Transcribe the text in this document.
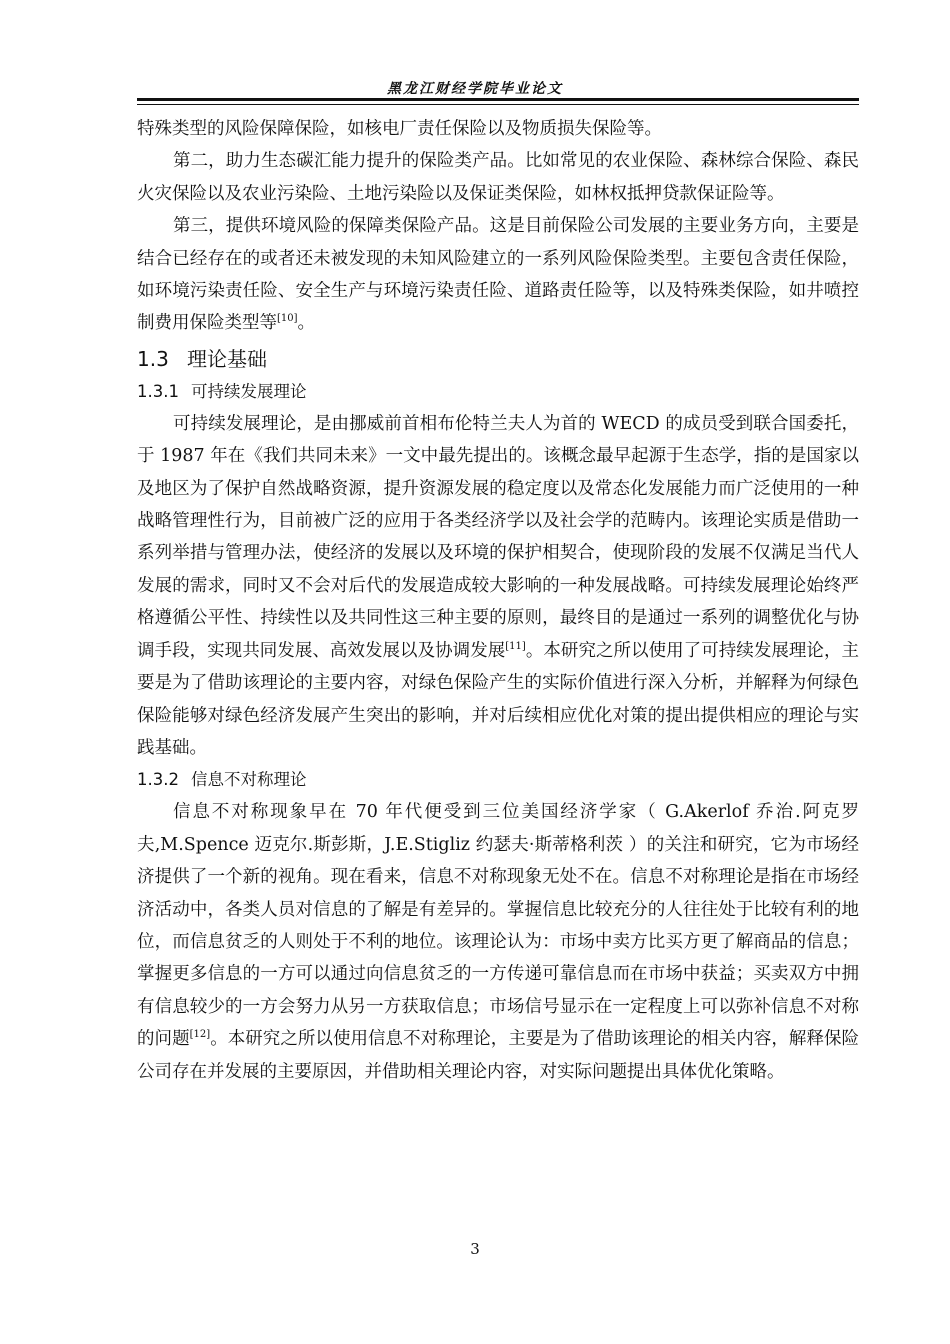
黑龙江财经学院毕业论文

特殊类型的风险保障保险，如核电厂责任保险以及物质损失保险等。

第二，助力生态碳汇能力提升的保险类产品。比如常见的农业保险、森林综合保险、森民火灾保险以及农业污染险、土地污染险以及保证类保险，如林权抵押贷款保证险等。

第三，提供环境风险的保障类保险产品。这是目前保险公司发展的主要业务方向，主要是结合已经存在的或者还未被发现的未知风险建立的一系列风险保险类型。主要包含责任保险，如环境污染责任险、安全生产与环境污染责任险、道路责任险等，以及特殊类保险，如井喷控制费用保险类型等[10]。

1.3 理论基础
1.3.1 可持续发展理论

可持续发展理论，是由挪威前首相布伦特兰夫人为首的 WECD 的成员受到联合国委托，于 1987 年在《我们共同未来》一文中最先提出的。该概念最早起源于生态学，指的是国家以及地区为了保护自然战略资源，提升资源发展的稳定度以及常态化发展能力而广泛使用的一种战略管理性行为，目前被广泛的应用于各类经济学以及社会学的范畴内。该理论实质是借助一系列举措与管理办法，使经济的发展以及环境的保护相契合，使现阶段的发展不仅满足当代人发展的需求，同时又不会对后代的发展造成较大影响的一种发展战略。可持续发展理论始终严格遵循公平性、持续性以及共同性这三种主要的原则，最终目的是通过一系列的调整优化与协调手段，实现共同发展、高效发展以及协调发展[11]。本研究之所以使用了可持续发展理论，主要是为了借助该理论的主要内容，对绿色保险产生的实际价值进行深入分析，并解释为何绿色保险能够对绿色经济发展产生突出的影响，并对后续相应优化对策的提出提供相应的理论与实践基础。

1.3.2 信息不对称理论

信息不对称现象早在 70 年代便受到三位美国经济学家（ G.Akerlof 乔治.阿克罗夫,M.Spence 迈克尔.斯彭斯，J.E.Stigliz 约瑟夫·斯蒂格利茨 ）的关注和研究，它为市场经济提供了一个新的视角。现在看来，信息不对称现象无处不在。信息不对称理论是指在市场经济活动中，各类人员对信息的了解是有差异的。掌握信息比较充分的人往往处于比较有利的地位，而信息贫乏的人则处于不利的地位。该理论认为：市场中卖方比买方更了解商品的信息；掌握更多信息的一方可以通过向信息贫乏的一方传递可靠信息而在市场中获益；买卖双方中拥有信息较少的一方会努力从另一方获取信息；市场信号显示在一定程度上可以弥补信息不对称的问题[12]。本研究之所以使用信息不对称理论，主要是为了借助该理论的相关内容，解释保险公司存在并发展的主要原因，并借助相关理论内容，对实际问题提出具体优化策略。

3
